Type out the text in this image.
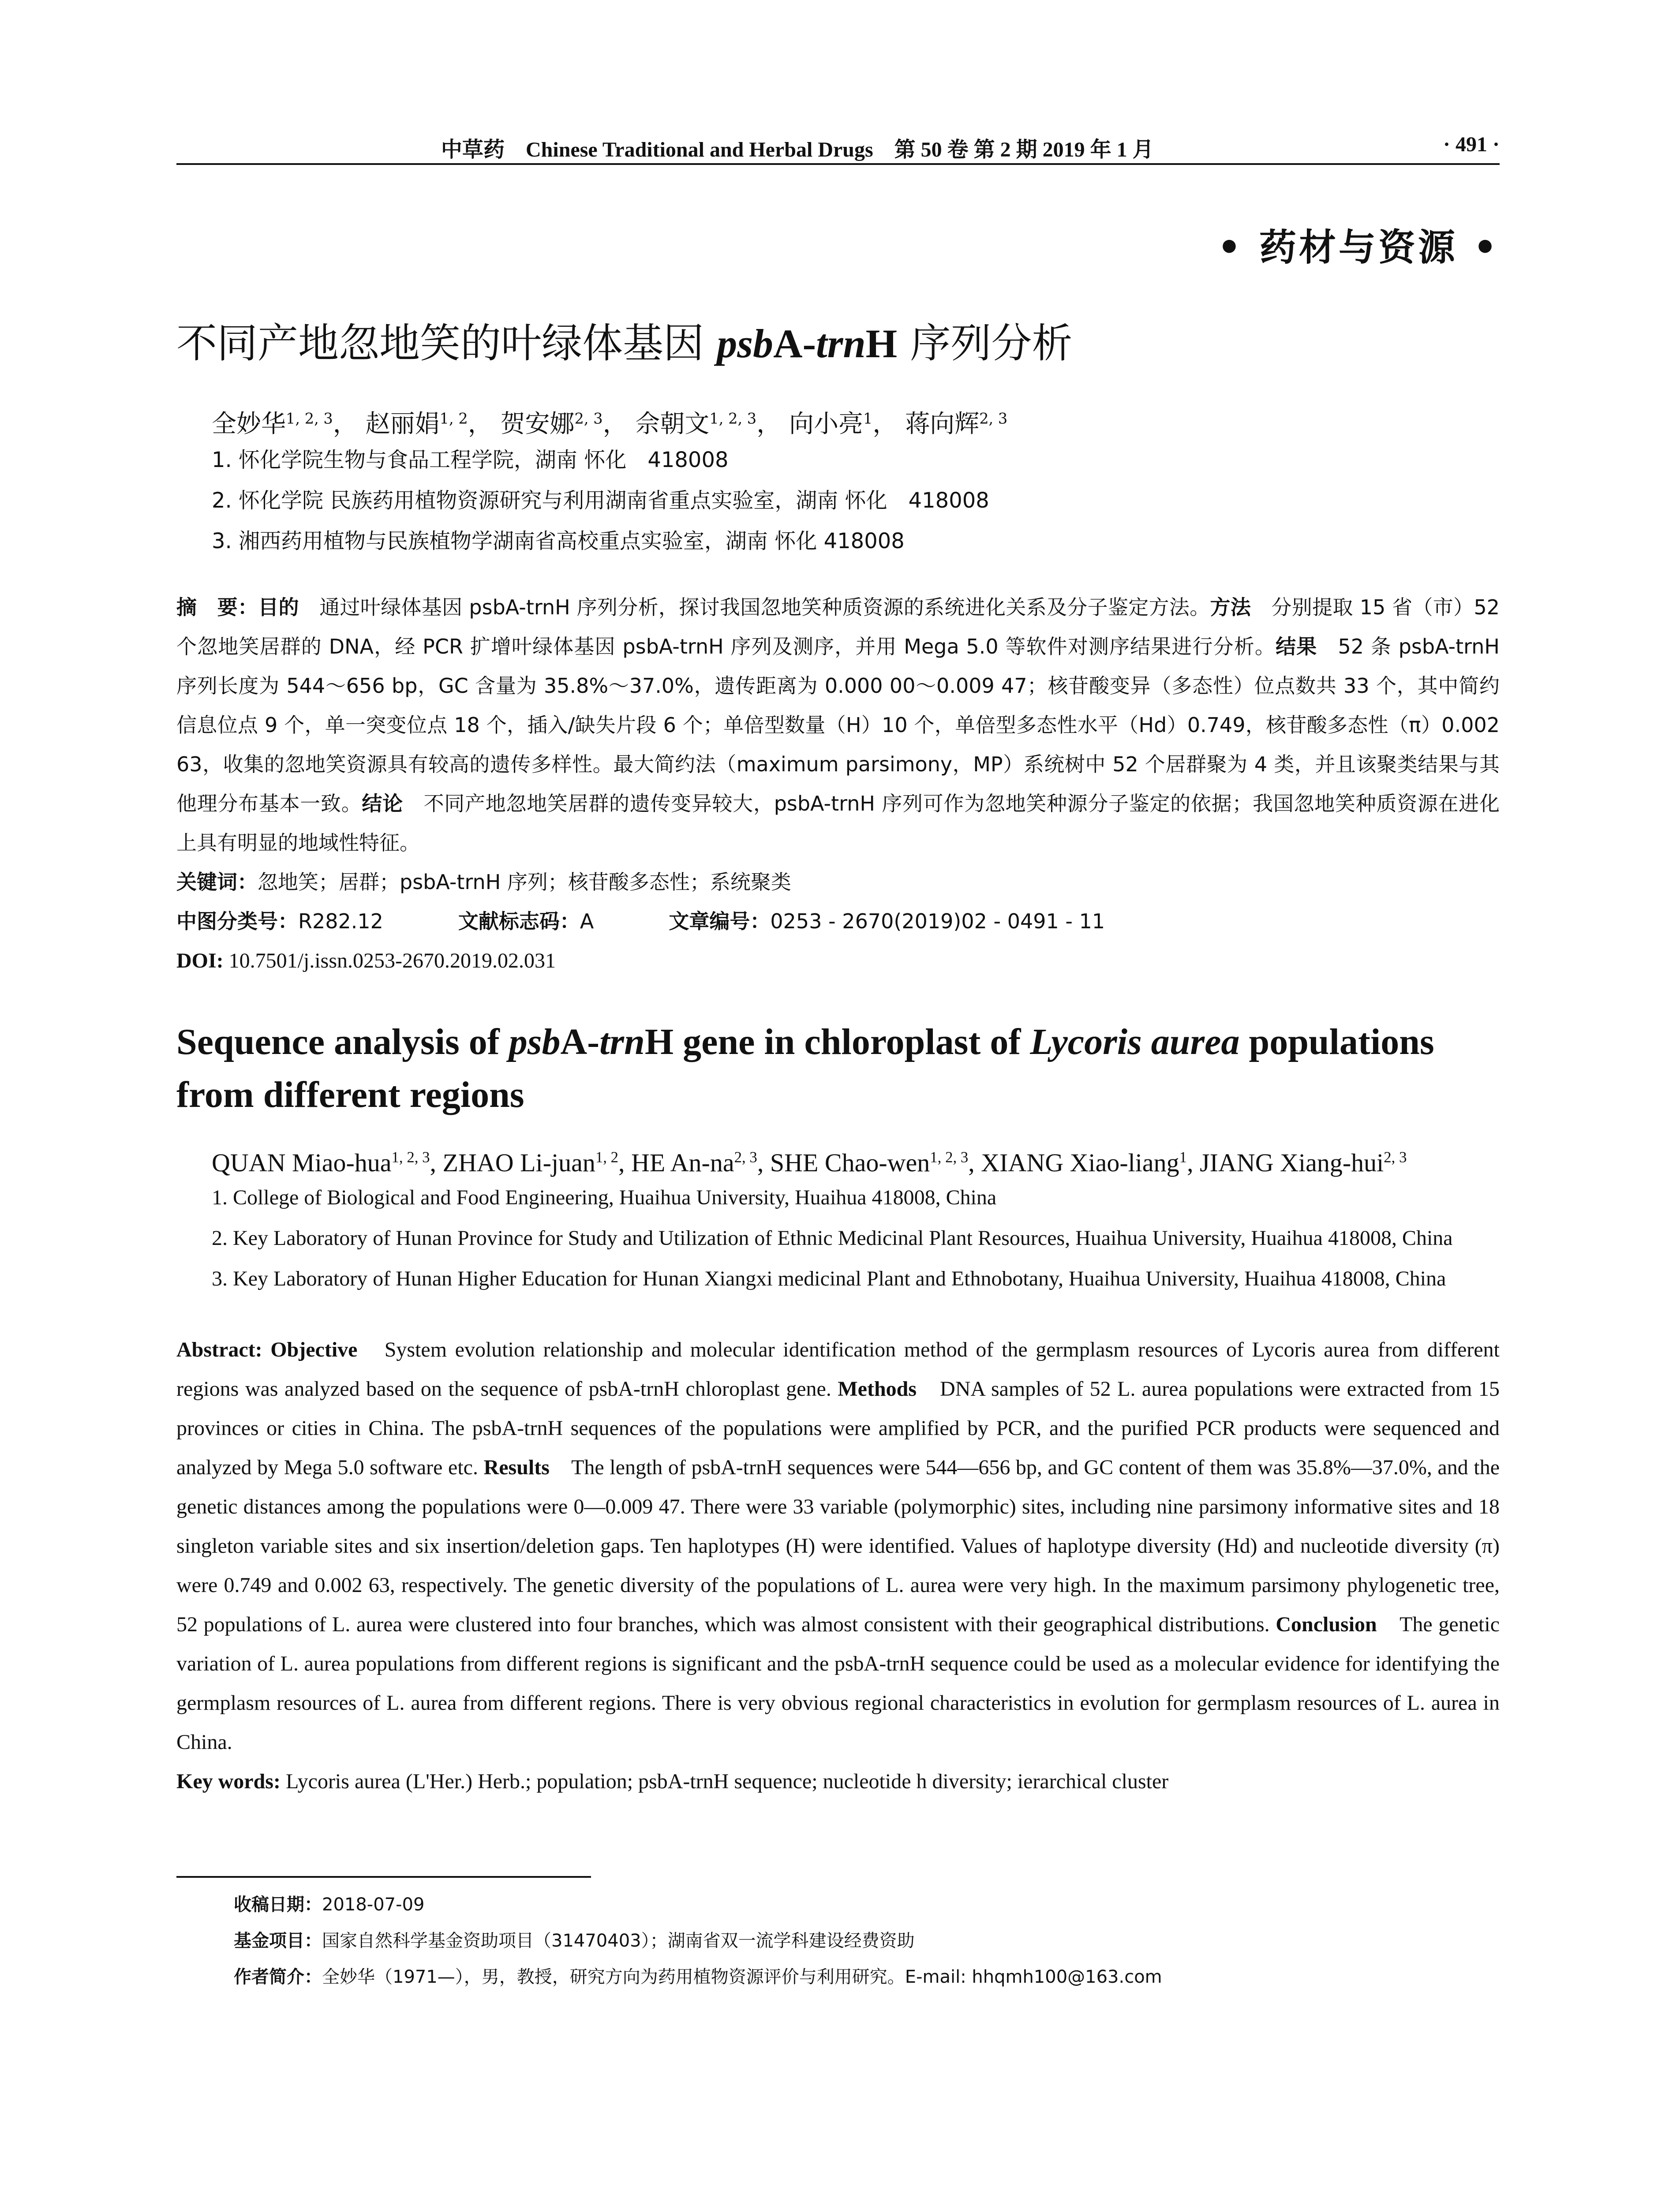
中草药　Chinese Traditional and Herbal Drugs　第 50 卷 第 2 期 2019 年 1 月	· 491 ·
• 药材与资源 •
不同产地忽地笑的叶绿体基因 psbA-trnH 序列分析
全妙华$^{1, 2, 3}$， 赵丽娟$^{1, 2}$， 贺安娜$^{2, 3}$， 佘朝文$^{1, 2, 3}$， 向小亮$^1$， 蒋向辉$^{2, 3}$
1. 怀化学院生物与食品工程学院，湖南 怀化　418008
2. 怀化学院 民族药用植物资源研究与利用湖南省重点实验室，湖南 怀化　418008
3. 湘西药用植物与民族植物学湖南省高校重点实验室，湖南 怀化 418008
摘　要：目的　通过叶绿体基因 psbA-trnH 序列分析，探讨我国忽地笑种质资源的系统进化关系及分子鉴定方法。方法　分别提取 15 省（市）52 个忽地笑居群的 DNA，经 PCR 扩增叶绿体基因 psbA-trnH 序列及测序，并用 Mega 5.0 等软件对测序结果进行分析。结果　52 条 psbA-trnH 序列长度为 544～656 bp，GC 含量为 35.8%～37.0%，遗传距离为 0.000 00～0.009 47；核苷酸变异（多态性）位点数共 33 个，其中简约信息位点 9 个，单一突变位点 18 个，插入/缺失片段 6 个；单倍型数量（H）10 个，单倍型多态性水平（Hd）0.749，核苷酸多态性（π）0.002 63，收集的忽地笑资源具有较高的遗传多样性。最大简约法（maximum parsimony，MP）系统树中 52 个居群聚为 4 类，并且该聚类结果与其他理分布基本一致。结论　不同产地忽地笑居群的遗传变异较大，psbA-trnH 序列可作为忽地笑种源分子鉴定的依据；我国忽地笑种质资源在进化上具有明显的地域性特征。
关键词：忽地笑；居群；psbA-trnH 序列；核苷酸多态性；系统聚类
中图分类号：R282.12	文献标志码：A	文章编号：0253 - 2670(2019)02 - 0491 - 11
DOI: 10.7501/j.issn.0253-2670.2019.02.031
Sequence analysis of psbA-trnH gene in chloroplast of Lycoris aurea populations from different regions
QUAN Miao-hua$^{1, 2, 3}$, ZHAO Li-juan$^{1, 2}$, HE An-na$^{2, 3}$, SHE Chao-wen$^{1, 2, 3}$, XIANG Xiao-liang$^1$, JIANG Xiang-hui$^{2, 3}$
1. College of Biological and Food Engineering, Huaihua University, Huaihua 418008, China
2. Key Laboratory of Hunan Province for Study and Utilization of Ethnic Medicinal Plant Resources, Huaihua University, Huaihua 418008, China
3. Key Laboratory of Hunan Higher Education for Hunan Xiangxi medicinal Plant and Ethnobotany, Huaihua University, Huaihua 418008, China
Abstract: Objective　System evolution relationship and molecular identification method of the germplasm resources of Lycoris aurea from different regions was analyzed based on the sequence of psbA-trnH chloroplast gene. Methods　DNA samples of 52 L. aurea populations were extracted from 15 provinces or cities in China. The psbA-trnH sequences of the populations were amplified by PCR, and the purified PCR products were sequenced and analyzed by Mega 5.0 software etc. Results　The length of psbA-trnH sequences were 544—656 bp, and GC content of them was 35.8%—37.0%, and the genetic distances among the populations were 0—0.009 47. There were 33 variable (polymorphic) sites, including nine parsimony informative sites and 18 singleton variable sites and six insertion/deletion gaps. Ten haplotypes (H) were identified. Values of haplotype diversity (Hd) and nucleotide diversity (π) were 0.749 and 0.002 63, respectively. The genetic diversity of the populations of L. aurea were very high. In the maximum parsimony phylogenetic tree, 52 populations of L. aurea were clustered into four branches, which was almost consistent with their geographical distributions. Conclusion　The genetic variation of L. aurea populations from different regions is significant and the psbA-trnH sequence could be used as a molecular evidence for identifying the germplasm resources of L. aurea from different regions. There is very obvious regional characteristics in evolution for germplasm resources of L. aurea in China.
Key words: Lycoris aurea (L'Her.) Herb.; population; psbA-trnH sequence; nucleotide h diversity; ierarchical cluster
收稿日期：2018-07-09
基金项目：国家自然科学基金资助项目（31470403）；湖南省双一流学科建设经费资助
作者简介：全妙华（1971—），男，教授，研究方向为药用植物资源评价与利用研究。E-mail: hhqmh100@163.com
